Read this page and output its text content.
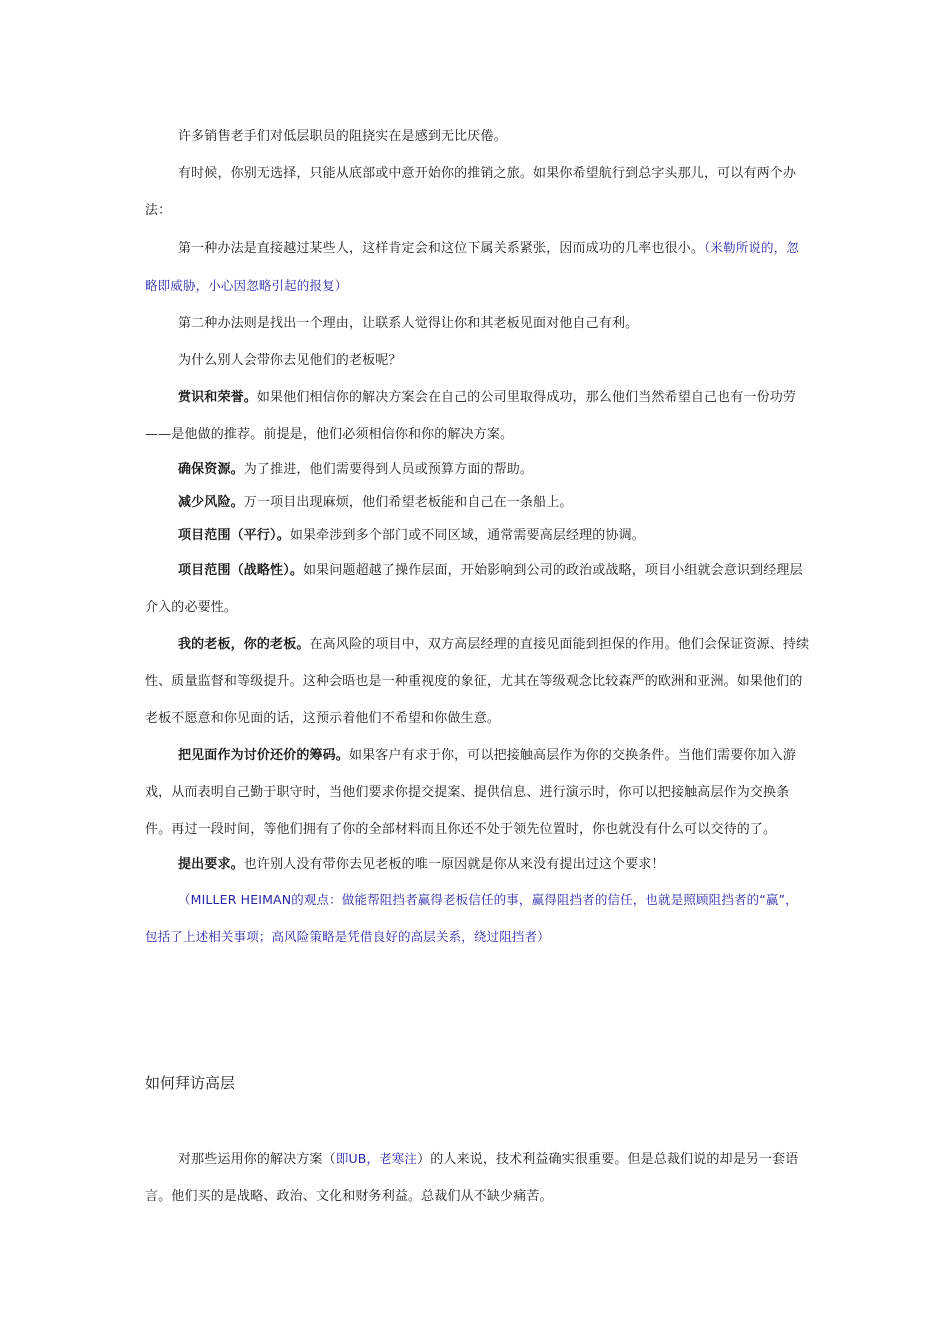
许多销售老手们对低层职员的阻挠实在是感到无比厌倦。

有时候，你别无选择，只能从底部或中意开始你的推销之旅。如果你希望航行到总字头那儿，可以有两个办法：

第一种办法是直接越过某些人，这样肯定会和这位下属关系紧张，因而成功的几率也很小。（米勒所说的，忽略即威胁，小心因忽略引起的报复）

第二种办法则是找出一个理由，让联系人觉得让你和其老板见面对他自己有利。

为什么别人会带你去见他们的老板呢？

赏识和荣誉。如果他们相信你的解决方案会在自己的公司里取得成功，那么他们当然希望自己也有一份功劳——是他做的推荐。前提是，他们必须相信你和你的解决方案。

确保资源。为了推进，他们需要得到人员或预算方面的帮助。

减少风险。万一项目出现麻烦，他们希望老板能和自己在一条船上。

项目范围（平行）。如果牵涉到多个部门或不同区域，通常需要高层经理的协调。

项目范围（战略性）。如果问题超越了操作层面，开始影响到公司的政治或战略，项目小组就会意识到经理层介入的必要性。

我的老板，你的老板。在高风险的项目中，双方高层经理的直接见面能到担保的作用。他们会保证资源、持续性、质量监督和等级提升。这种会晤也是一种重视度的象征，尤其在等级观念比较森严的欧洲和亚洲。如果他们的老板不愿意和你见面的话，这预示着他们不希望和你做生意。

把见面作为讨价还价的筹码。如果客户有求于你，可以把接触高层作为你的交换条件。当他们需要你加入游戏，从而表明自己勤于职守时，当他们要求你提交提案、提供信息、进行演示时，你可以把接触高层作为交换条件。再过一段时间，等他们拥有了你的全部材料而且你还不处于领先位置时，你也就没有什么可以交待的了。

提出要求。也许别人没有带你去见老板的唯一原因就是你从来没有提出过这个要求！

（MILLER HEIMAN的观点：做能帮阻挡者赢得老板信任的事，赢得阻挡者的信任，也就是照顾阻挡者的“赢”，包括了上述相关事项；高风险策略是凭借良好的高层关系，绕过阻挡者）

如何拜访高层

对那些运用你的解决方案（即UB，老寒注）的人来说，技术利益确实很重要。但是总裁们说的却是另一套语言。他们买的是战略、政治、文化和财务利益。总裁们从不缺少痛苦。
